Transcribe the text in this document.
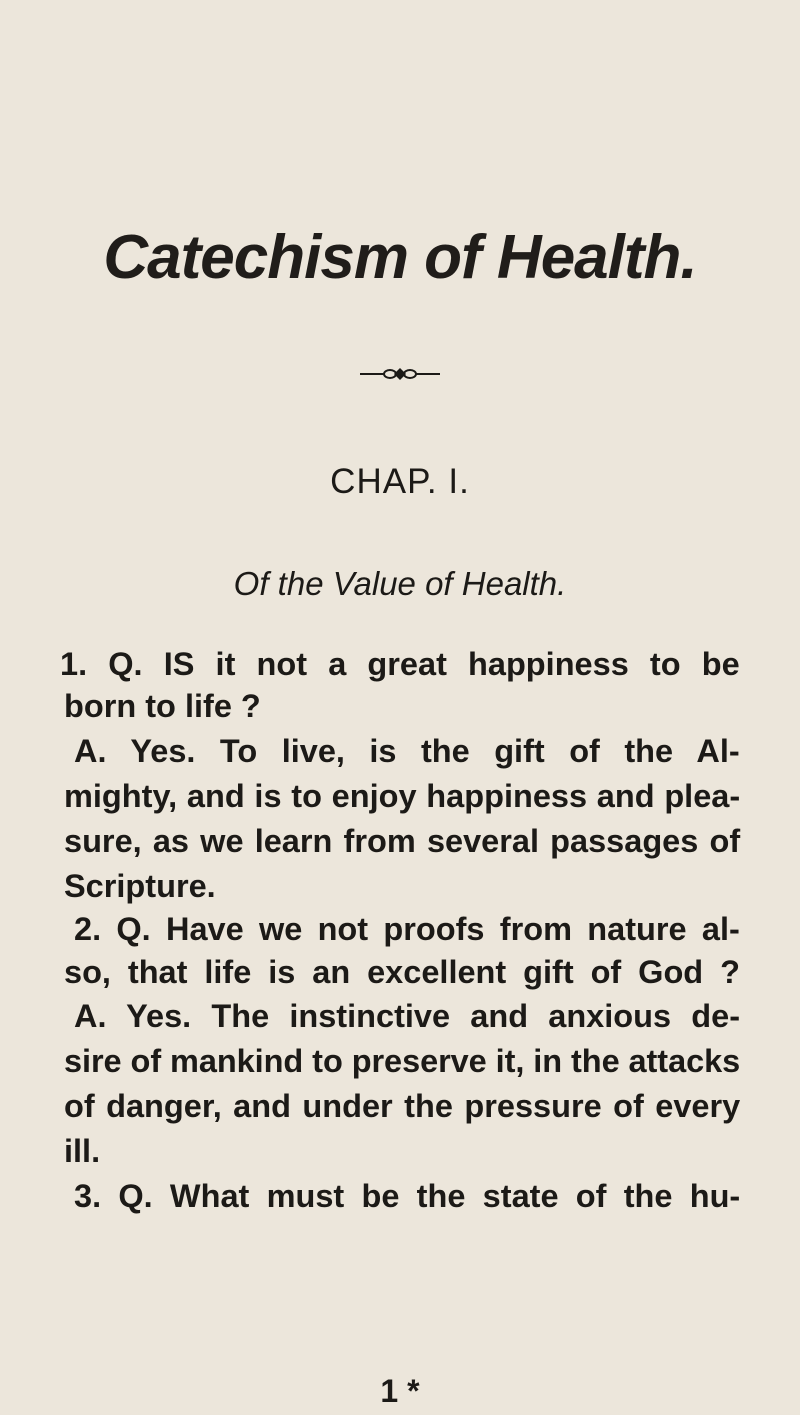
Catechism of Health.
CHAP. I.
Of the Value of Health.
1. Q. IS it not a great happiness to be
born to life ?
A. Yes. To live, is the gift of the Al-
mighty, and is to enjoy happiness and plea-
sure, as we learn from several passages of
Scripture.
2. Q. Have we not proofs from nature al-
so, that life is an excellent gift of God ?
A. Yes. The instinctive and anxious de-
sire of mankind to preserve it, in the attacks
of danger, and under the pressure of every
ill.
3. Q. What must be the state of the hu-
1 *
